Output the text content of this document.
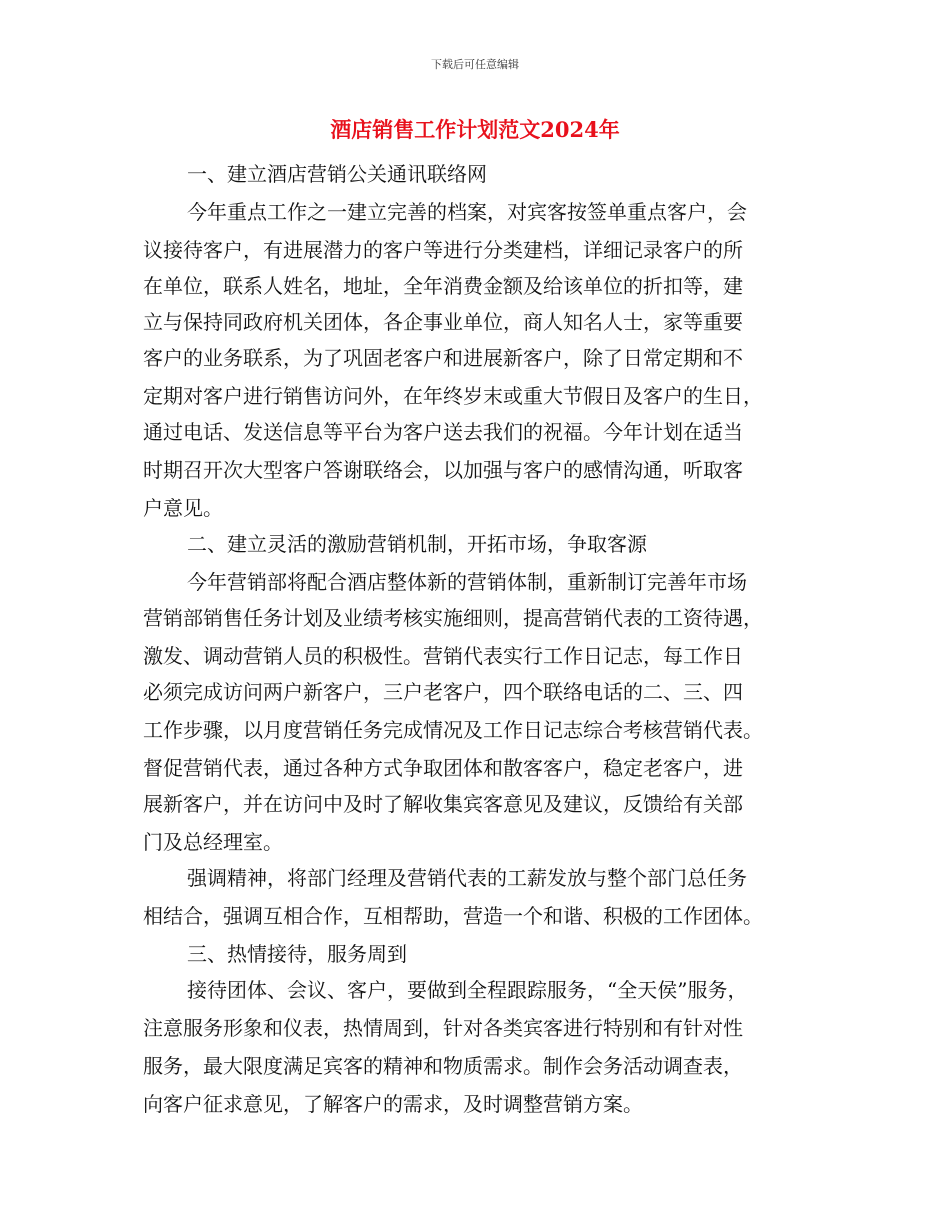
下载后可任意编辑
酒店销售工作计划范文2024年
一、建立酒店营销公关通讯联络网
今年重点工作之一建立完善的档案，对宾客按签单重点客户，会
议接待客户，有进展潜力的客户等进行分类建档，详细记录客户的所
在单位，联系人姓名，地址，全年消费金额及给该单位的折扣等，建
立与保持同政府机关团体，各企事业单位，商人知名人士，家等重要
客户的业务联系，为了巩固老客户和进展新客户，除了日常定期和不
定期对客户进行销售访问外，在年终岁末或重大节假日及客户的生日，
通过电话、发送信息等平台为客户送去我们的祝福。今年计划在适当
时期召开次大型客户答谢联络会，以加强与客户的感情沟通，听取客
户意见。
二、建立灵活的激励营销机制，开拓市场，争取客源
今年营销部将配合酒店整体新的营销体制，重新制订完善年市场
营销部销售任务计划及业绩考核实施细则，提高营销代表的工资待遇，
激发、调动营销人员的积极性。营销代表实行工作日记志，每工作日
必须完成访问两户新客户，三户老客户，四个联络电话的二、三、四
工作步骤，以月度营销任务完成情况及工作日记志综合考核营销代表。
督促营销代表，通过各种方式争取团体和散客客户，稳定老客户，进
展新客户，并在访问中及时了解收集宾客意见及建议，反馈给有关部
门及总经理室。
强调精神，将部门经理及营销代表的工薪发放与整个部门总任务
相结合，强调互相合作，互相帮助，营造一个和谐、积极的工作团体。
三、热情接待，服务周到
接待团体、会议、客户，要做到全程跟踪服务，“全天侯”服务，
注意服务形象和仪表，热情周到，针对各类宾客进行特别和有针对性
服务，最大限度满足宾客的精神和物质需求。制作会务活动调查表，
向客户征求意见，了解客户的需求，及时调整营销方案。
